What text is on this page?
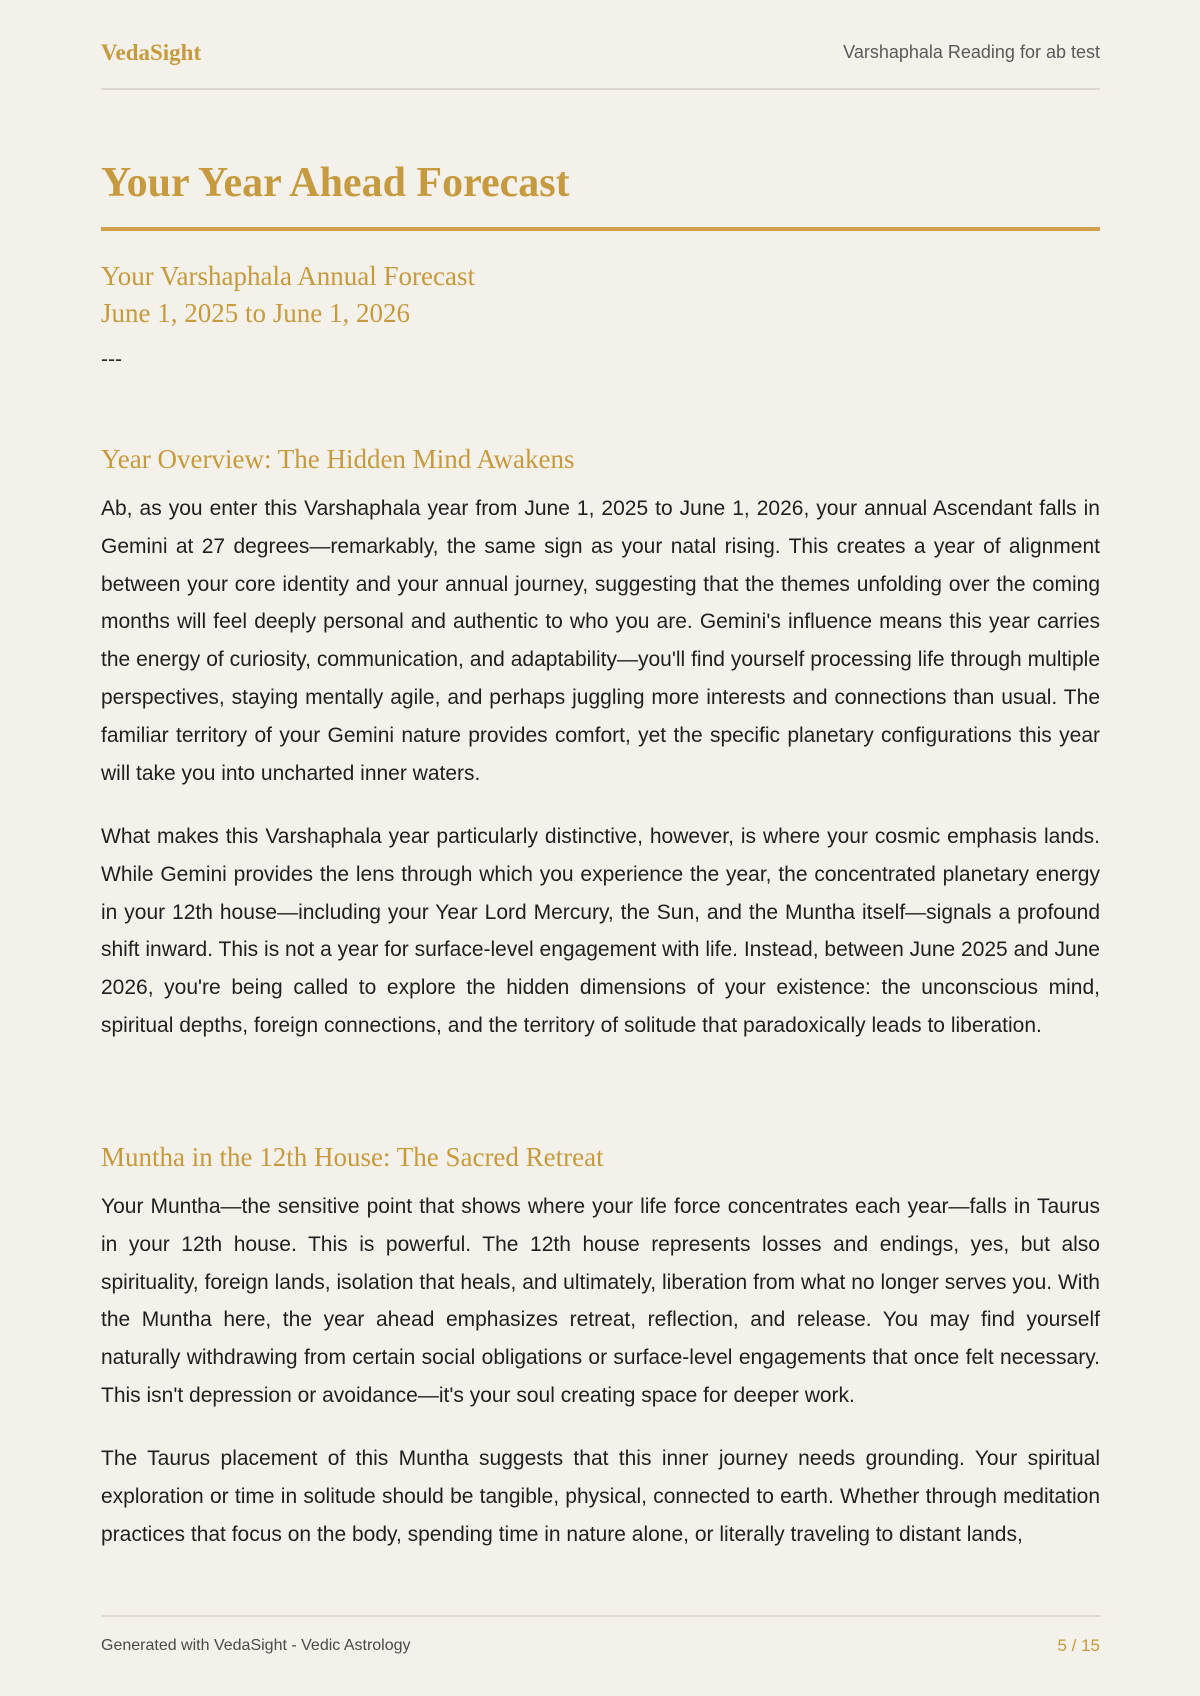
VedaSight	Varshaphala Reading for ab test
Your Year Ahead Forecast
Your Varshaphala Annual Forecast
June 1, 2025 to June 1, 2026
---
Year Overview: The Hidden Mind Awakens

Ab, as you enter this Varshaphala year from June 1, 2025 to June 1, 2026, your annual Ascendant falls in Gemini at 27 degrees—remarkably, the same sign as your natal rising. This creates a year of alignment between your core identity and your annual journey, suggesting that the themes unfolding over the coming months will feel deeply personal and authentic to who you are. Gemini's influence means this year carries the energy of curiosity, communication, and adaptability—you'll find yourself processing life through multiple perspectives, staying mentally agile, and perhaps juggling more interests and connections than usual. The familiar territory of your Gemini nature provides comfort, yet the specific planetary configurations this year will take you into uncharted inner waters.

What makes this Varshaphala year particularly distinctive, however, is where your cosmic emphasis lands. While Gemini provides the lens through which you experience the year, the concentrated planetary energy in your 12th house—including your Year Lord Mercury, the Sun, and the Muntha itself—signals a profound shift inward. This is not a year for surface-level engagement with life. Instead, between June 2025 and June 2026, you're being called to explore the hidden dimensions of your existence: the unconscious mind, spiritual depths, foreign connections, and the territory of solitude that paradoxically leads to liberation.

Muntha in the 12th House: The Sacred Retreat

Your Muntha—the sensitive point that shows where your life force concentrates each year—falls in Taurus in your 12th house. This is powerful. The 12th house represents losses and endings, yes, but also spirituality, foreign lands, isolation that heals, and ultimately, liberation from what no longer serves you. With the Muntha here, the year ahead emphasizes retreat, reflection, and release. You may find yourself naturally withdrawing from certain social obligations or surface-level engagements that once felt necessary. This isn't depression or avoidance—it's your soul creating space for deeper work.

The Taurus placement of this Muntha suggests that this inner journey needs grounding. Your spiritual exploration or time in solitude should be tangible, physical, connected to earth. Whether through meditation practices that focus on the body, spending time in nature alone, or literally traveling to distant lands,

Generated with VedaSight - Vedic Astrology	5 / 15
